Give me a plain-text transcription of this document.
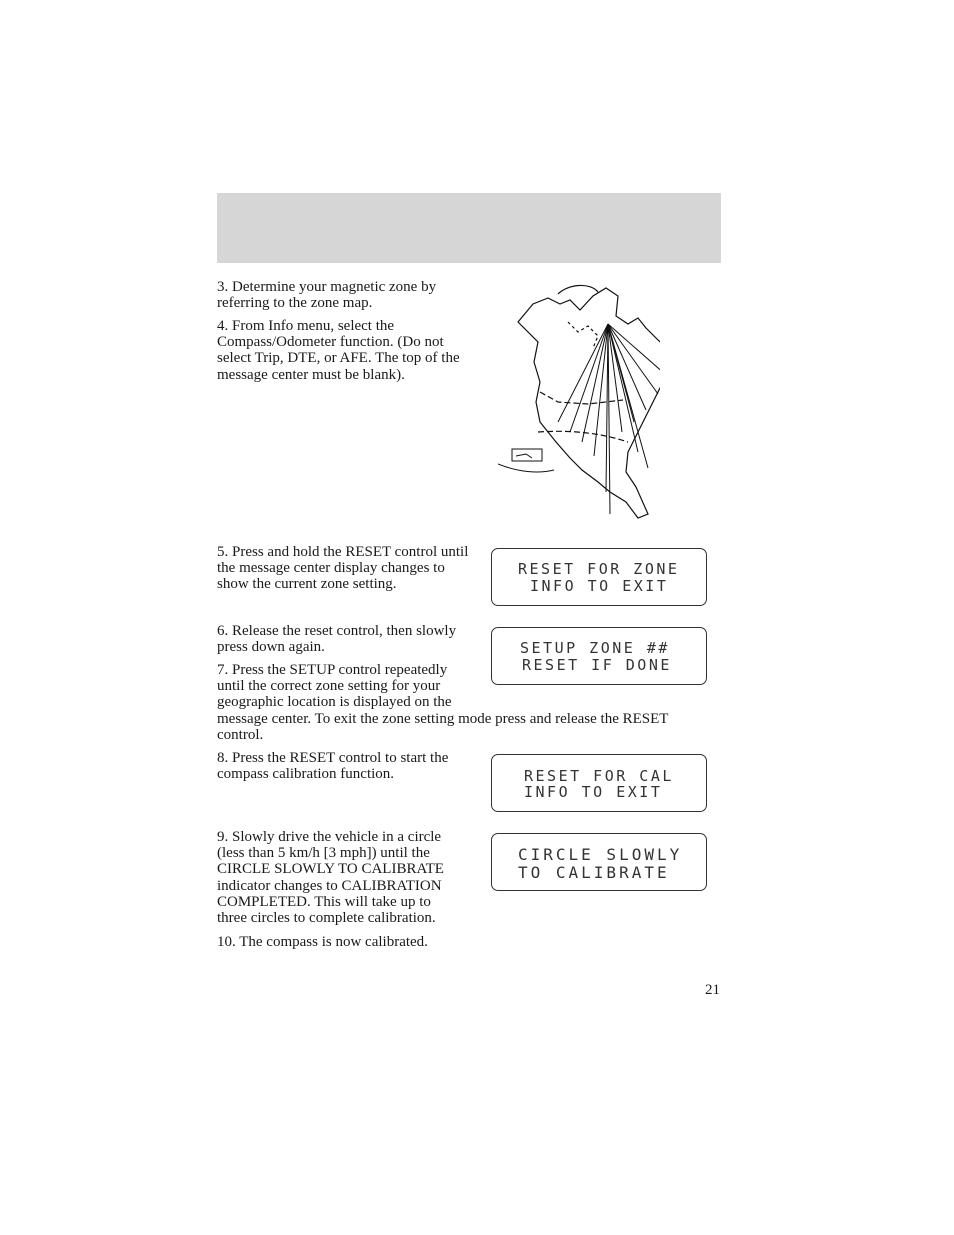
3. Determine your magnetic zone by referring to the zone map.

4. From Info menu, select the Compass/Odometer function. (Do not select Trip, DTE, or AFE. The top of the message center must be blank).

5. Press and hold the RESET control until the message center display changes to show the current zone setting.

RESET FOR ZONE
INFO TO EXIT

6. Release the reset control, then slowly press down again.	SETUP ZONE ##
RESET IF DONE

7. Press the SETUP control repeatedly until the correct zone setting for your geographic location is displayed on the message center. To exit the zone setting mode press and release the RESET control.

8. Press the RESET control to start the compass calibration function.	RESET FOR CAL
INFO TO EXIT
CIRCLE SLOWLY
TO CALIBRATE

9. Slowly drive the vehicle in a circle (less than 5 km/h [3 mph]) until the CIRCLE SLOWLY TO CALIBRATE indicator changes to CALIBRATION COMPLETED. This will take up to three circles to complete calibration.

10. The compass is now calibrated.

21
